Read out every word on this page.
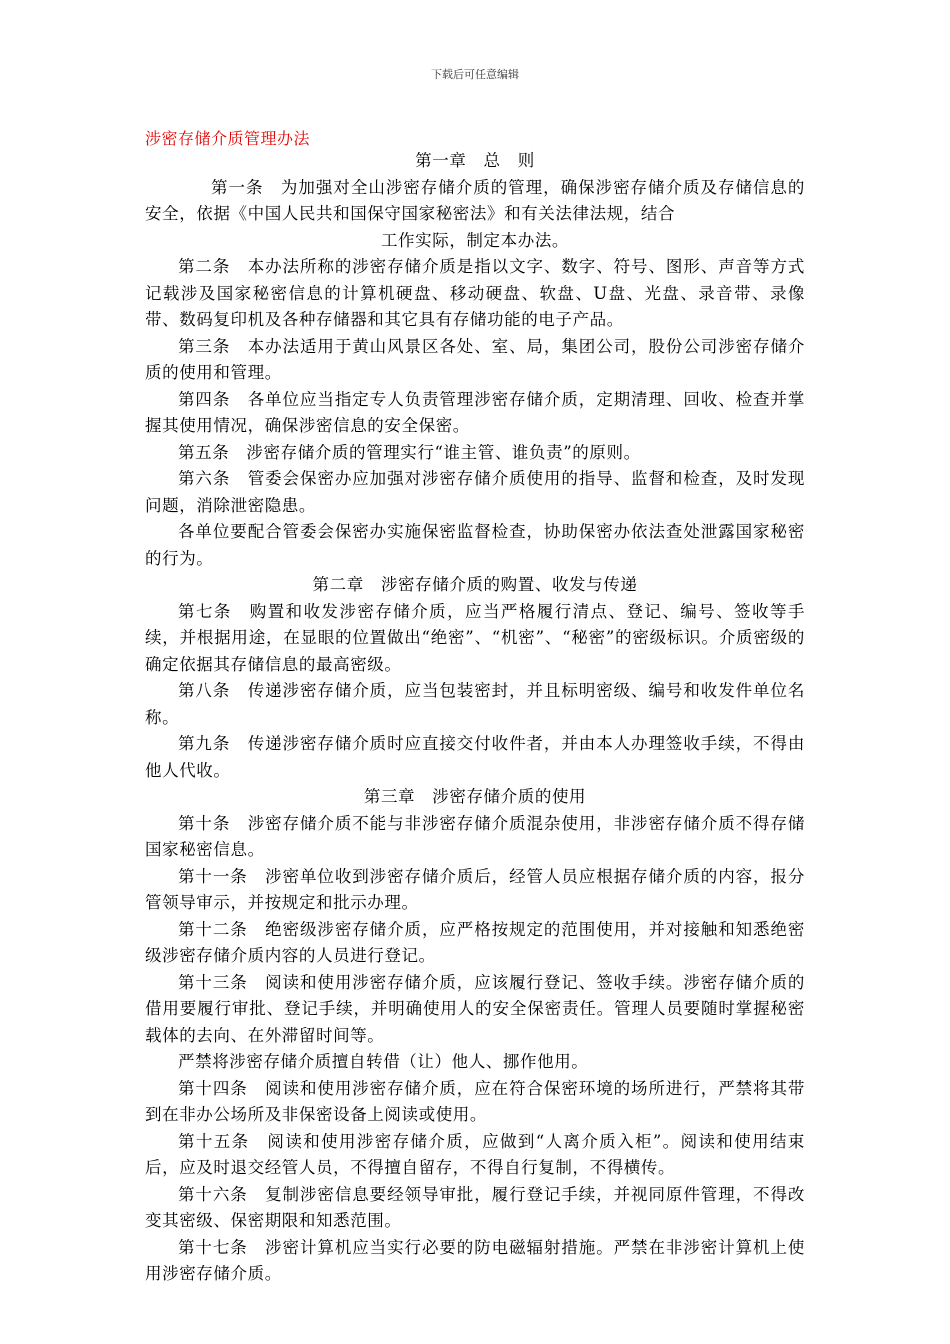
下载后可任意编辑
涉密存储介质管理办法

第一章　总　则

第一条　为加强对全山涉密存储介质的管理，确保涉密存储介质及存储信息的安全，依据《中国人民共和国保守国家秘密法》和有关法律法规，结合
工作实际，制定本办法。

第二条　本办法所称的涉密存储介质是指以文字、数字、符号、图形、声音等方式记载涉及国家秘密信息的计算机硬盘、移动硬盘、软盘、U盘、光盘、录音带、录像带、数码复印机及各种存储器和其它具有存储功能的电子产品。

第三条　本办法适用于黄山风景区各处、室、局，集团公司，股份公司涉密存储介质的使用和管理。

第四条　各单位应当指定专人负责管理涉密存储介质，定期清理、回收、检查并掌握其使用情况，确保涉密信息的安全保密。

第五条　涉密存储介质的管理实行“谁主管、谁负责”的原则。

第六条　管委会保密办应加强对涉密存储介质使用的指导、监督和检查，及时发现问题，消除泄密隐患。

各单位要配合管委会保密办实施保密监督检查，协助保密办依法查处泄露国家秘密的行为。

第二章　涉密存储介质的购置、收发与传递

第七条　购置和收发涉密存储介质，应当严格履行清点、登记、编号、签收等手续，并根据用途，在显眼的位置做出“绝密”、“机密”、“秘密”的密级标识。介质密级的确定依据其存储信息的最高密级。

第八条　传递涉密存储介质，应当包装密封，并且标明密级、编号和收发件单位名称。

第九条　传递涉密存储介质时应直接交付收件者，并由本人办理签收手续，不得由他人代收。

第三章　涉密存储介质的使用

第十条　涉密存储介质不能与非涉密存储介质混杂使用，非涉密存储介质不得存储国家秘密信息。

第十一条　涉密单位收到涉密存储介质后，经管人员应根据存储介质的内容，报分管领导审示，并按规定和批示办理。

第十二条　绝密级涉密存储介质，应严格按规定的范围使用，并对接触和知悉绝密级涉密存储介质内容的人员进行登记。

第十三条　阅读和使用涉密存储介质，应该履行登记、签收手续。涉密存储介质的借用要履行审批、登记手续，并明确使用人的安全保密责任。管理人员要随时掌握秘密载体的去向、在外滞留时间等。

严禁将涉密存储介质擅自转借（让）他人、挪作他用。

第十四条　阅读和使用涉密存储介质，应在符合保密环境的场所进行，严禁将其带到在非办公场所及非保密设备上阅读或使用。

第十五条　阅读和使用涉密存储介质，应做到“人离介质入柜”。阅读和使用结束后，应及时退交经管人员，不得擅自留存，不得自行复制，不得横传。

第十六条　复制涉密信息要经领导审批，履行登记手续，并视同原件管理，不得改变其密级、保密期限和知悉范围。

第十七条　涉密计算机应当实行必要的防电磁辐射措施。严禁在非涉密计算机上使用涉密存储介质。
